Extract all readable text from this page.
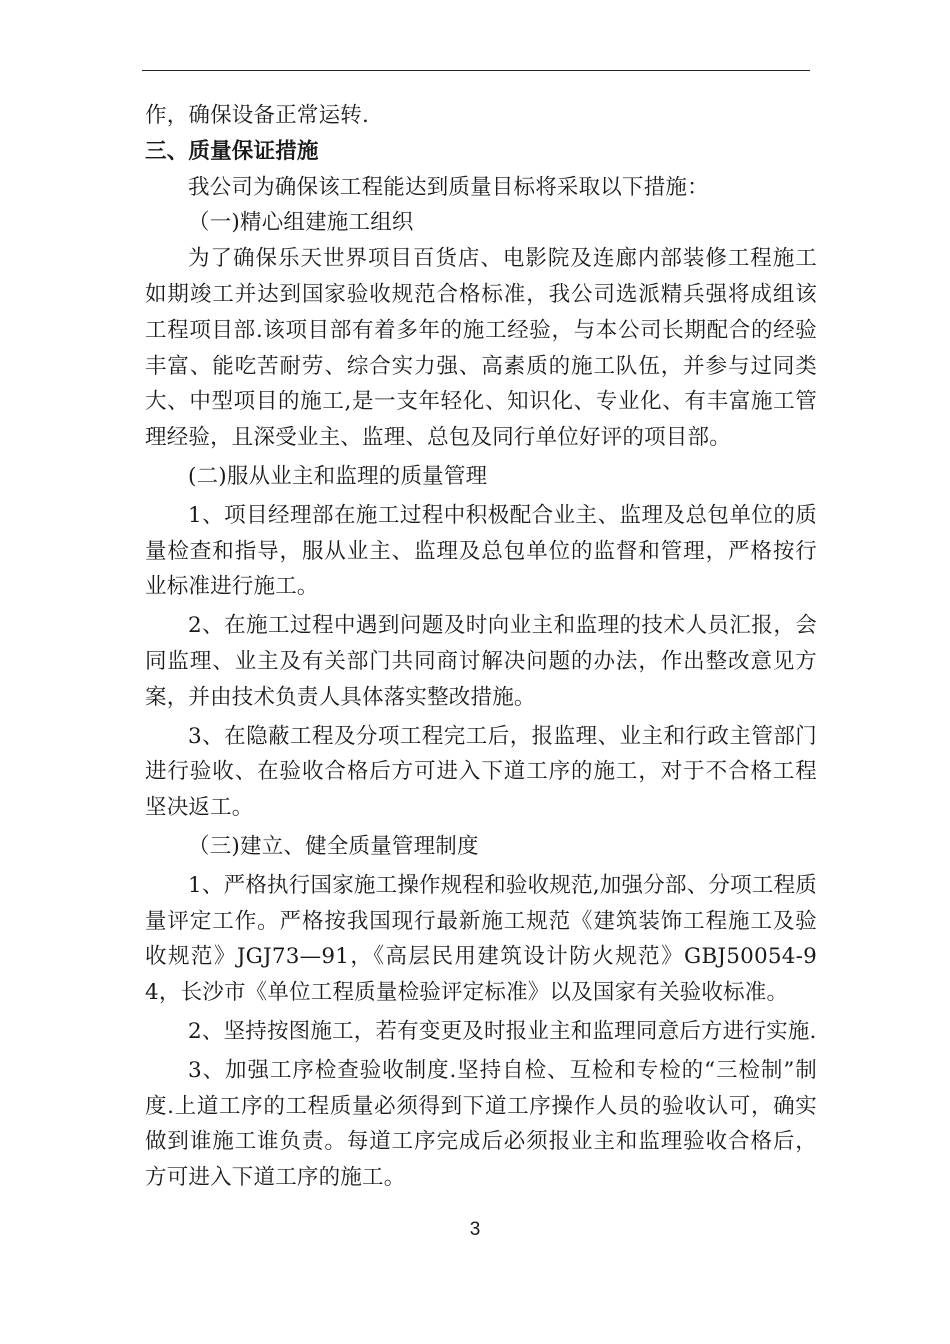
作，确保设备正常运转.

三、质量保证措施

我公司为确保该工程能达到质量目标将采取以下措施：

（一)精心组建施工组织

为了确保乐天世界项目百货店、电影院及连廊内部装修工程施工如期竣工并达到国家验收规范合格标准，我公司选派精兵强将成组该工程项目部.该项目部有着多年的施工经验，与本公司长期配合的经验丰富、能吃苦耐劳、综合实力强、高素质的施工队伍，并参与过同类大、中型项目的施工,是一支年轻化、知识化、专业化、有丰富施工管理经验，且深受业主、监理、总包及同行单位好评的项目部。

(二)服从业主和监理的质量管理

1、项目经理部在施工过程中积极配合业主、监理及总包单位的质量检查和指导，服从业主、监理及总包单位的监督和管理，严格按行业标准进行施工。

2、在施工过程中遇到问题及时向业主和监理的技术人员汇报，会同监理、业主及有关部门共同商讨解决问题的办法，作出整改意见方案，并由技术负责人具体落实整改措施。

3、在隐蔽工程及分项工程完工后，报监理、业主和行政主管部门进行验收、在验收合格后方可进入下道工序的施工，对于不合格工程坚决返工。

（三)建立、健全质量管理制度

1、严格执行国家施工操作规程和验收规范,加强分部、分项工程质量评定工作。严格按我国现行最新施工规范《建筑装饰工程施工及验收规范》JGJ73—91，《高层民用建筑设计防火规范》GBJ50054-94，长沙市《单位工程质量检验评定标准》以及国家有关验收标准。

2、坚持按图施工，若有变更及时报业主和监理同意后方进行实施.

3、加强工序检查验收制度.坚持自检、互检和专检的“三检制”制度.上道工序的工程质量必须得到下道工序操作人员的验收认可，确实做到谁施工谁负责。每道工序完成后必须报业主和监理验收合格后，方可进入下道工序的施工。

3
